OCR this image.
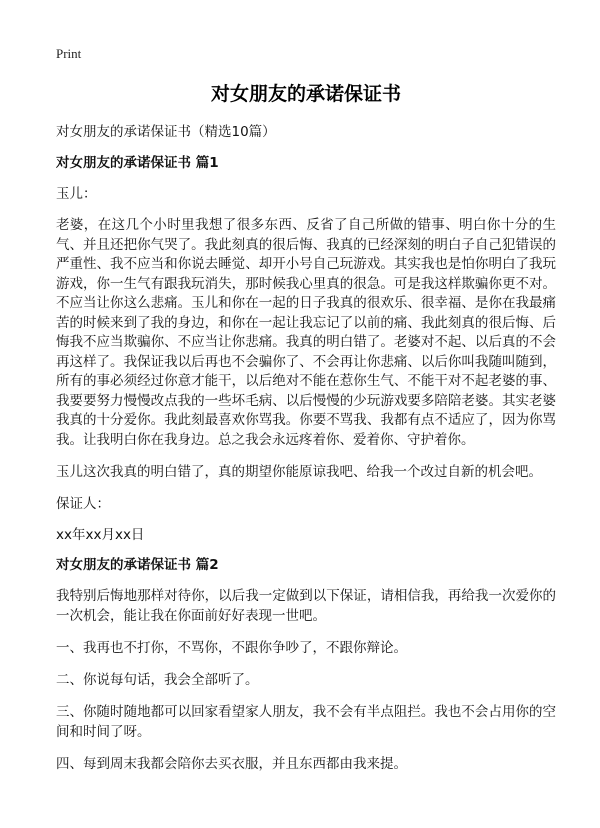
Print
对女朋友的承诺保证书
对女朋友的承诺保证书（精选10篇）
对女朋友的承诺保证书 篇1
玉儿：
老婆，在这几个小时里我想了很多东西、反省了自己所做的错事、明白你十分的生气、并且还把你气哭了。我此刻真的很后悔、我真的已经深刻的明白子自己犯错误的严重性、我不应当和你说去睡觉、却开小号自己玩游戏。其实我也是怕你明白了我玩游戏，你一生气有跟我玩消失，那时候我心里真的很急。可是我这样欺骗你更不对。不应当让你这么悲痛。玉儿和你在一起的日子我真的很欢乐、很幸福、是你在我最痛苦的时候来到了我的身边，和你在一起让我忘记了以前的痛、我此刻真的很后悔、后悔我不应当欺骗你、不应当让你悲痛。我真的明白错了。老婆对不起、以后真的不会再这样了。我保证我以后再也不会骗你了、不会再让你悲痛、以后你叫我随叫随到，所有的事必须经过你意才能干，以后绝对不能在惹你生气、不能干对不起老婆的事、我要要努力慢慢改点我的一些坏毛病、以后慢慢的少玩游戏要多陪陪老婆。其实老婆我真的十分爱你。我此刻最喜欢你骂我。你要不骂我、我都有点不适应了，因为你骂我。让我明白你在我身边。总之我会永远疼着你、爱着你、守护着你。
玉儿这次我真的明白错了，真的期望你能原谅我吧、给我一个改过自新的机会吧。
保证人：
xx年xx月xx日
对女朋友的承诺保证书 篇2
我特别后悔地那样对待你，以后我一定做到以下保证，请相信我，再给我一次爱你的一次机会，能让我在你面前好好表现一世吧。
一、我再也不打你，不骂你，不跟你争吵了，不跟你辩论。
二、你说每句话，我会全部听了。
三、你随时随地都可以回家看望家人朋友，我不会有半点阻拦。我也不会占用你的空间和时间了呀。
四、每到周末我都会陪你去买衣服，并且东西都由我来提。
